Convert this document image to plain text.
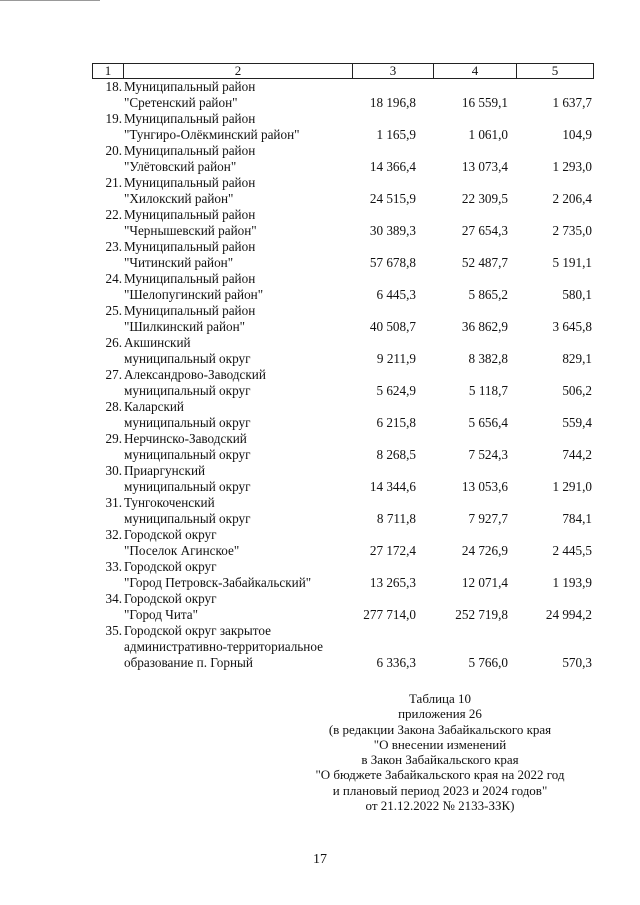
1	2	3	4	5
18. Муниципальный район
"Сретенский район"	18 196,8	16 559,1	1 637,7
19. Муниципальный район
"Тунгиро-Олёкминский район"	1 165,9	1 061,0	104,9
20. Муниципальный район
"Улётовский район"	14 366,4	13 073,4	1 293,0
21. Муниципальный район
"Хилокский район"	24 515,9	22 309,5	2 206,4
22. Муниципальный район
"Чернышевский район"	30 389,3	27 654,3	2 735,0
23. Муниципальный район
"Читинский район"	57 678,8	52 487,7	5 191,1
24. Муниципальный район
"Шелопугинский район"	6 445,3	5 865,2	580,1
25. Муниципальный район
"Шилкинский район"	40 508,7	36 862,9	3 645,8
26. Акшинский
муниципальный округ	9 211,9	8 382,8	829,1
27. Александрово-Заводский
муниципальный округ	5 624,9	5 118,7	506,2
28. Каларский
муниципальный округ	6 215,8	5 656,4	559,4
29. Нерчинско-Заводский
муниципальный округ	8 268,5	7 524,3	744,2
30. Приаргунский
муниципальный округ	14 344,6	13 053,6	1 291,0
31. Тунгокоченский
муниципальный округ	8 711,8	7 927,7	784,1
32. Городской округ
"Поселок Агинское"	27 172,4	24 726,9	2 445,5
33. Городской округ
"Город Петровск-Забайкальский"	13 265,3	12 071,4	1 193,9
34. Городской округ
"Город Чита"	277 714,0	252 719,8	24 994,2
35. Городской округ закрытое
административно-территориальное
образование п. Горный	6 336,3	5 766,0	570,3
Таблица 10
приложения 26
(в редакции Закона Забайкальского края
"О внесении изменений
в Закон Забайкальского края
"О бюджете Забайкальского края на 2022 год
и плановый период 2023 и 2024 годов"
от 21.12.2022 № 2133-ЗЗК)
17
